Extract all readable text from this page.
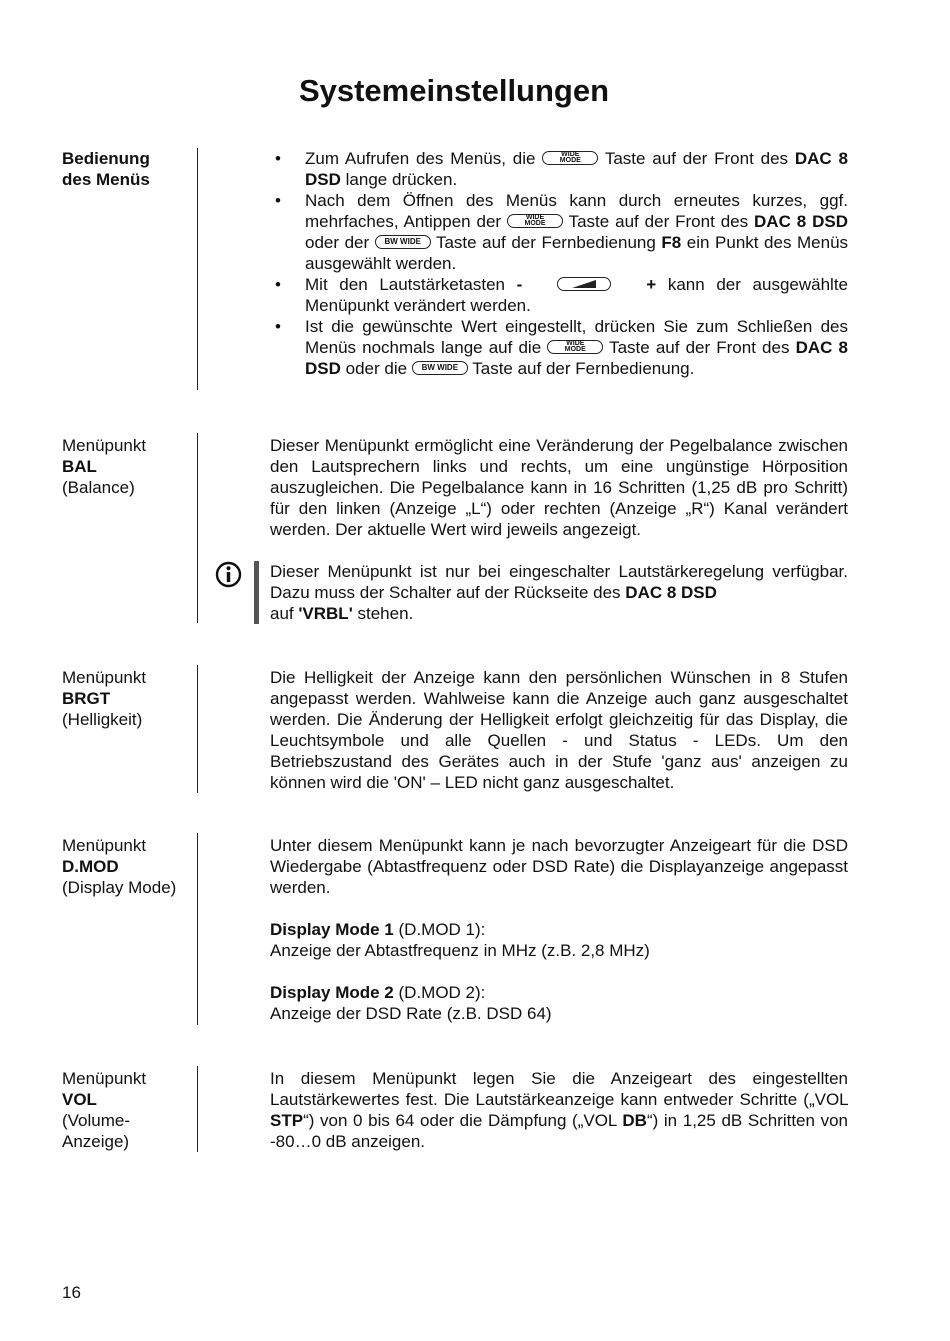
Systemeinstellungen
Bedienung
des Menüs
• Zum Aufrufen des Menüs, die	WIDE
MODE	Taste auf der Front des DAC 8 DSD lange drücken.
• Nach dem Öffnen des Menüs kann durch erneutes kurzes, ggf. mehrfaches, Antippen der	WIDE
MODE	Taste auf der Front des DAC 8 DSD oder der BW WIDE Taste auf der Fernbedienung F8 ein Punkt des Menüs ausgewählt werden.
• Mit den Lautstärketasten -	+ kann der ausgewählte Menüpunkt verändert werden.
• Ist die gewünschte Wert eingestellt, drücken Sie zum Schließen des Menüs nochmals lange auf die	WIDE
MODE	Taste auf der Front des DAC 8 DSD oder die BW WIDE Taste auf der Fernbedienung.
Menüpunkt
BAL
(Balance)

Dieser Menüpunkt ermöglicht eine Veränderung der Pegelbalance zwischen den Lautsprechern links und rechts, um eine ungünstige Hörposition auszugleichen. Die Pegelbalance kann in 16 Schritten (1,25 dB pro Schritt) für den linken (Anzeige „L“) oder rechten (Anzeige „R“) Kanal verändert werden. Der aktuelle Wert wird jeweils angezeigt.

Dieser Menüpunkt ist nur bei eingeschalter Lautstärkeregelung verfügbar. Dazu muss der Schalter auf der Rückseite des DAC 8 DSD
auf 'VRBL' stehen.

Menüpunkt
BRGT
(Helligkeit)

Die Helligkeit der Anzeige kann den persönlichen Wünschen in 8 Stufen angepasst werden. Wahlweise kann die Anzeige auch ganz ausgeschaltet werden. Die Änderung der Helligkeit erfolgt gleichzeitig für das Display, die Leuchtsymbole und alle Quellen - und Status - LEDs. Um den Betriebszustand des Gerätes auch in der Stufe 'ganz aus' anzeigen zu können wird die 'ON' – LED nicht ganz ausgeschaltet.

Menüpunkt
D.MOD
(Display Mode)

Unter diesem Menüpunkt kann je nach bevorzugter Anzeigeart für die DSD Wiedergabe (Abtastfrequenz oder DSD Rate) die Displayanzeige angepasst werden.

Display Mode 1 (D.MOD 1):
Anzeige der Abtastfrequenz in MHz (z.B. 2,8 MHz)

Display Mode 2 (D.MOD 2):
Anzeige der DSD Rate (z.B. DSD 64)

Menüpunkt
VOL
(Volume-
Anzeige)

In diesem Menüpunkt legen Sie die Anzeigeart des eingestellten Lautstärkewertes fest. Die Lautstärkeanzeige kann entweder Schritte („VOL STP“) von 0 bis 64 oder die Dämpfung („VOL DB“) in 1,25 dB Schritten von -80…0 dB anzeigen.

16
